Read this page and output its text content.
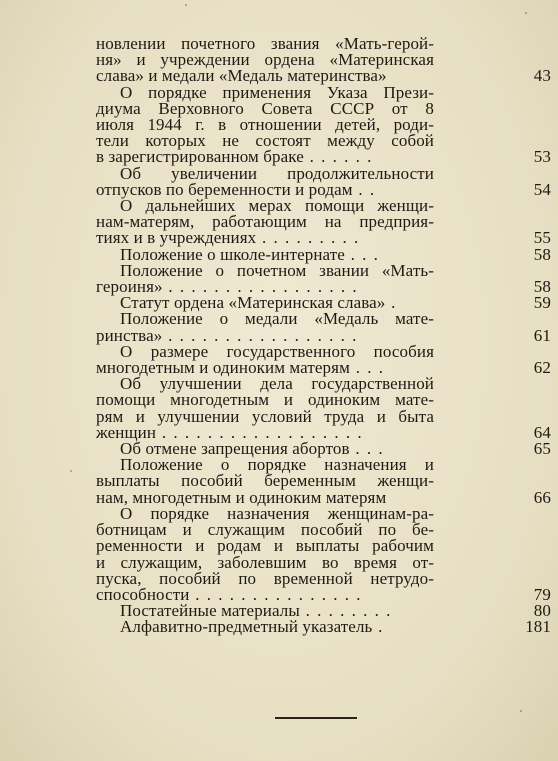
новлении почетного звания «Мать-герой-
ня» и учреждении ордена «Материнская
слава» и медали «Медаль материнства»	43
О порядке применения Указа Прези-
диума Верховного Совета СССР от 8
июля 1944 г. в отношении детей, роди-
тели которых не состоят между собой
в зарегистрированном браке . . . . . .	53
Об увеличении продолжительности
отпусков по беременности и родам . .	54
О дальнейших мерах помощи женщи-
нам-матерям, работающим на предприя-
тиях и в учреждениях . . . . . . . . .	55
Положение о школе-интернате . . .	58
Положение о почетном звании «Мать-
героиня» . . . . . . . . . . . . . . . . .	58
Статут ордена «Материнская слава» .	59
Положение о медали «Медаль мате-
ринства» . . . . . . . . . . . . . . . . .	61
О размере государственного пособия
многодетным и одиноким матерям . . .	62
Об улучшении дела государственной
помощи многодетным и одиноким мате-
рям и улучшении условий труда и быта
женщин . . . . . . . . . . . . . . . . . .	64
Об отмене запрещения абортов . . .	65
Положение о порядке назначения и
выплаты пособий беременным женщи-
нам, многодетным и одиноким матерям	66
О порядке назначения женщинам-ра-
ботницам и служащим пособий по бе-
ременности и родам и выплаты рабочим
и служащим, заболевшим во время от-
пуска, пособий по временной нетрудо-
способности . . . . . . . . . . . . . . .	79
Постатейные материалы . . . . . . . .	80
Алфавитно-предметный указатель .	181
